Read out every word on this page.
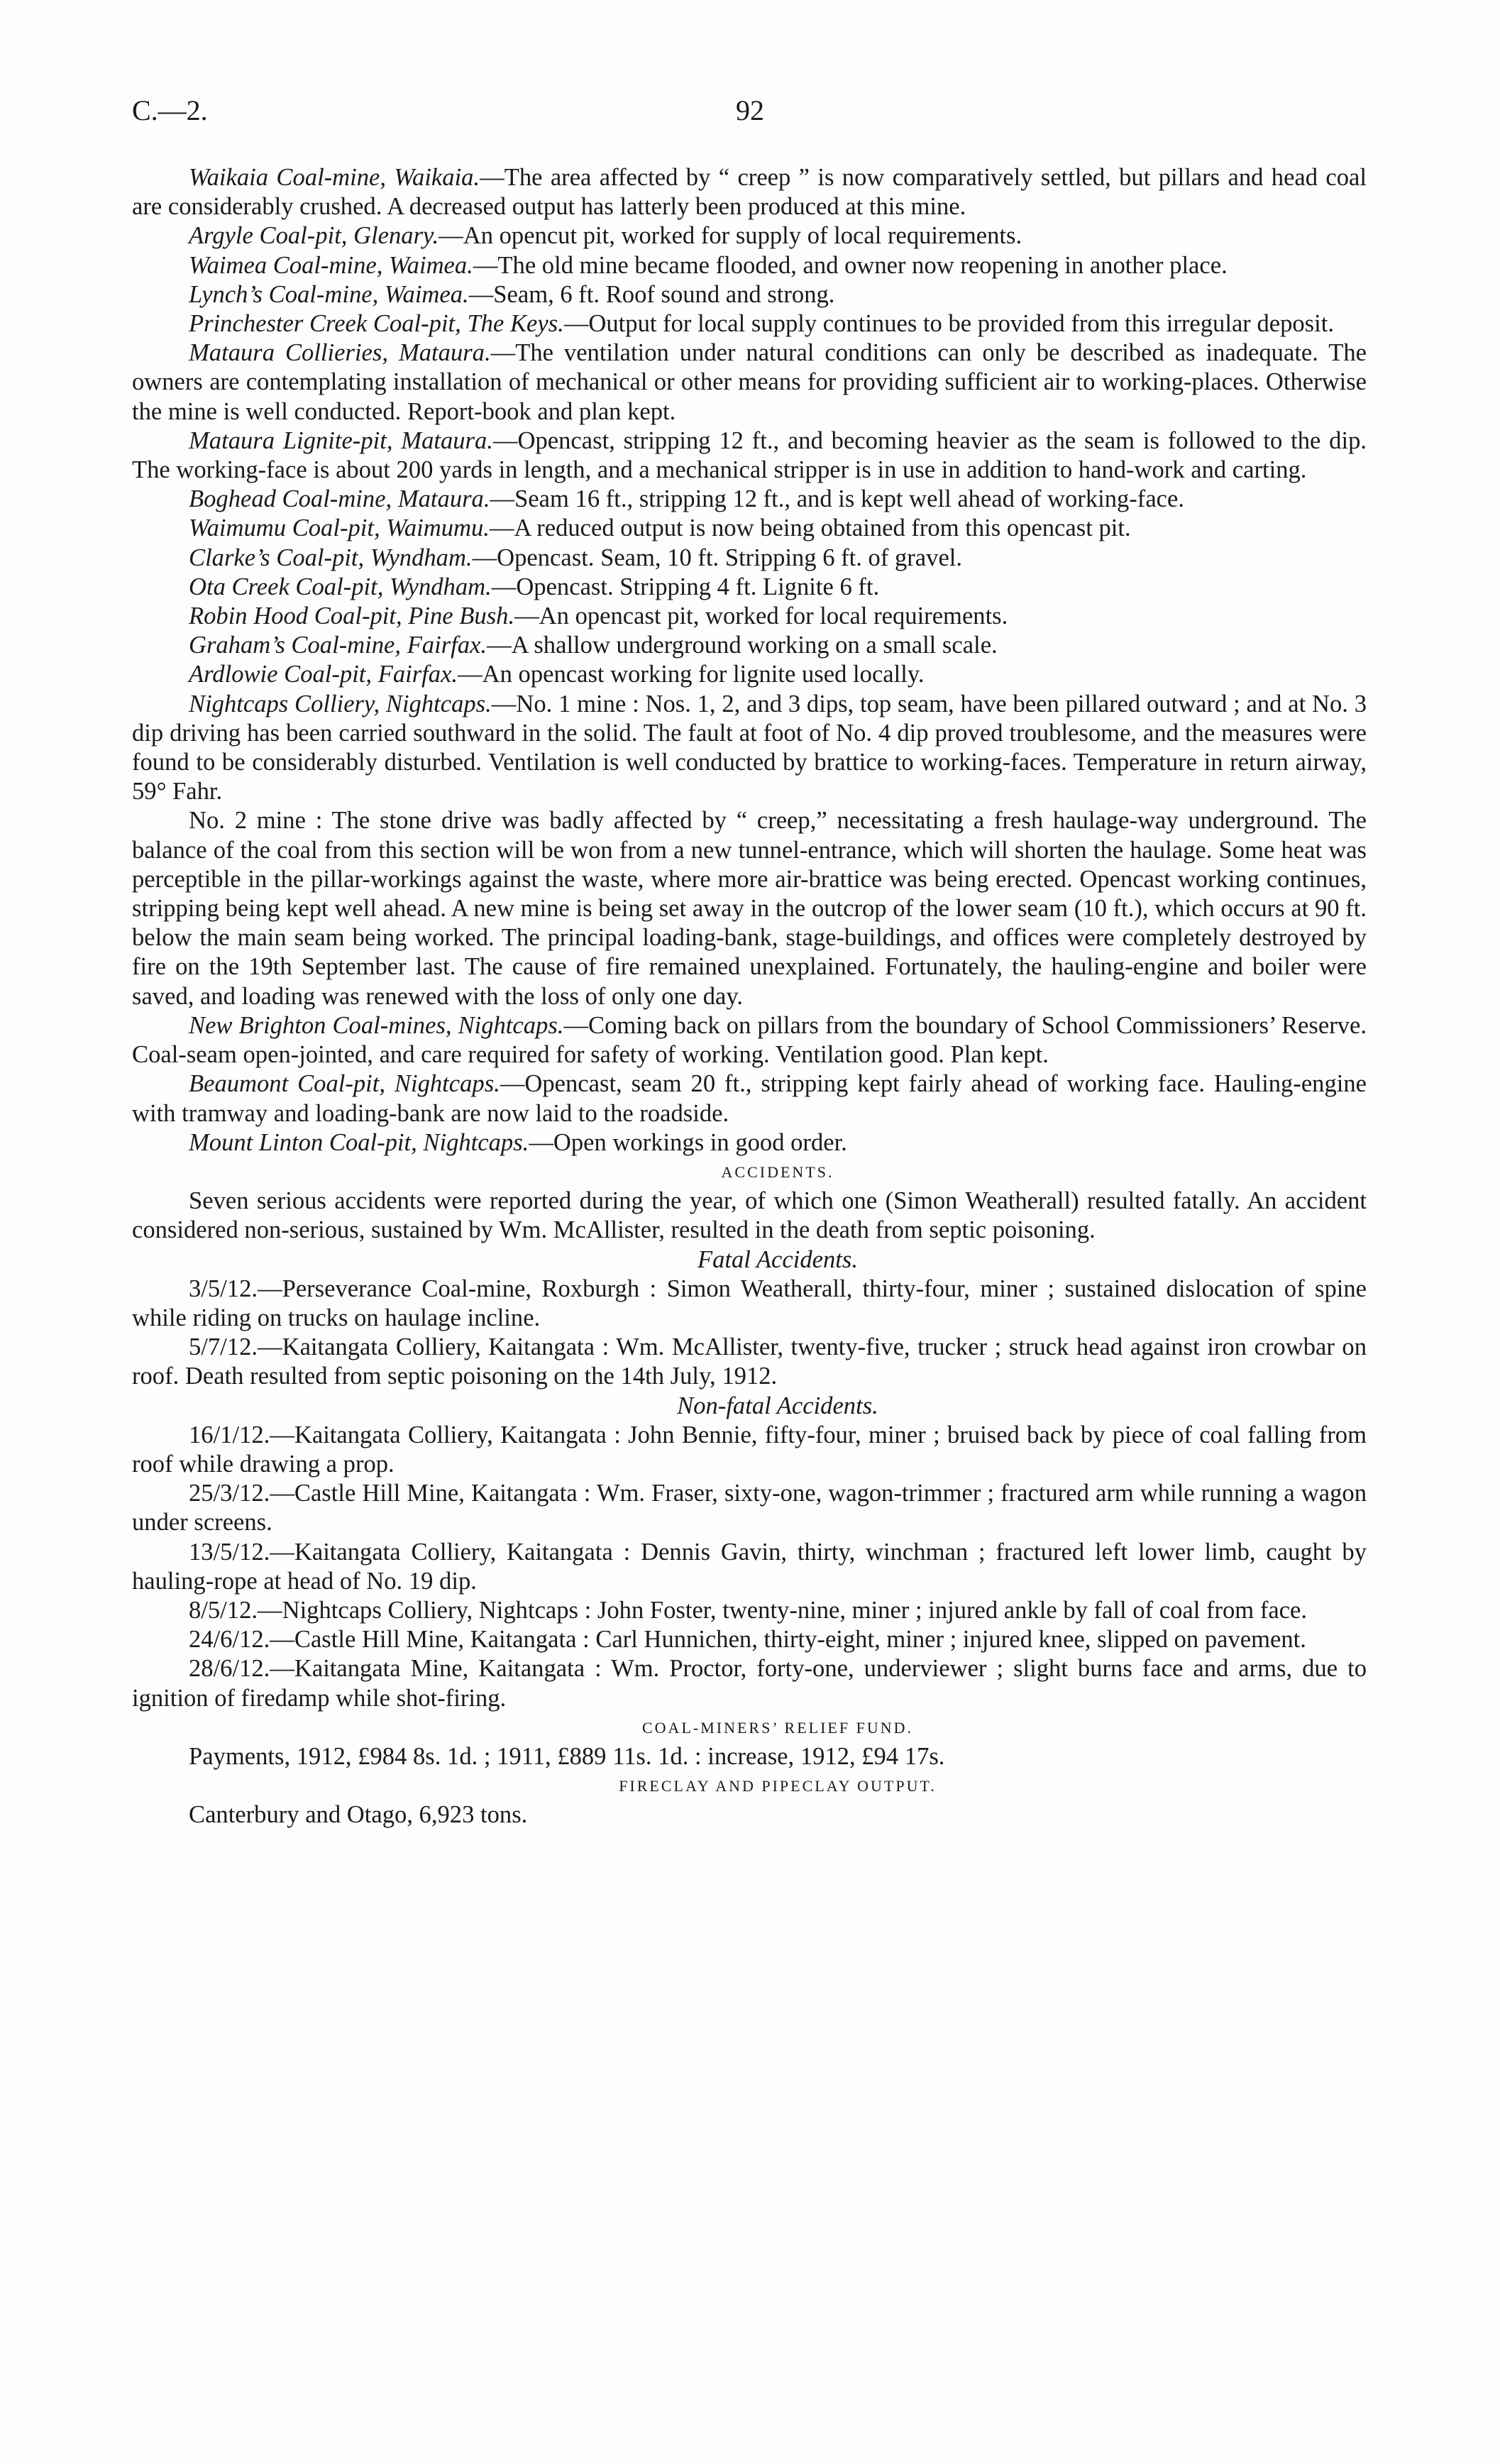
C.—2.	92

Waikaia Coal-mine, Waikaia.—The area affected by “ creep ” is now comparatively settled, but pillars and head coal are considerably crushed. A decreased output has latterly been produced at this mine.

Argyle Coal-pit, Glenary.—An opencut pit, worked for supply of local requirements.

Waimea Coal-mine, Waimea.—The old mine became flooded, and owner now reopening in another place.

Lynch’s Coal-mine, Waimea.—Seam, 6 ft. Roof sound and strong.

Princhester Creek Coal-pit, The Keys.—Output for local supply continues to be provided from this irregular deposit.

Mataura Collieries, Mataura.—The ventilation under natural conditions can only be described as inadequate. The owners are contemplating installation of mechanical or other means for providing sufficient air to working-places. Otherwise the mine is well conducted. Report-book and plan kept.

Mataura Lignite-pit, Mataura.—Opencast, stripping 12 ft., and becoming heavier as the seam is followed to the dip. The working-face is about 200 yards in length, and a mechanical stripper is in use in addition to hand-work and carting.

Boghead Coal-mine, Mataura.—Seam 16 ft., stripping 12 ft., and is kept well ahead of working-face.

Waimumu Coal-pit, Waimumu.—A reduced output is now being obtained from this opencast pit.

Clarke’s Coal-pit, Wyndham.—Opencast. Seam, 10 ft. Stripping 6 ft. of gravel.

Ota Creek Coal-pit, Wyndham.—Opencast. Stripping 4 ft. Lignite 6 ft.

Robin Hood Coal-pit, Pine Bush.—An opencast pit, worked for local requirements.

Graham’s Coal-mine, Fairfax.—A shallow underground working on a small scale.

Ardlowie Coal-pit, Fairfax.—An opencast working for lignite used locally.

Nightcaps Colliery, Nightcaps.—No. 1 mine : Nos. 1, 2, and 3 dips, top seam, have been pillared outward ; and at No. 3 dip driving has been carried southward in the solid. The fault at foot of No. 4 dip proved troublesome, and the measures were found to be considerably disturbed. Ventilation is well conducted by brattice to working-faces. Temperature in return airway, 59° Fahr.

No. 2 mine : The stone drive was badly affected by “ creep,” necessitating a fresh haulage-way underground. The balance of the coal from this section will be won from a new tunnel-entrance, which will shorten the haulage. Some heat was perceptible in the pillar-workings against the waste, where more air-brattice was being erected. Opencast working continues, stripping being kept well ahead. A new mine is being set away in the outcrop of the lower seam (10 ft.), which occurs at 90 ft. below the main seam being worked. The principal loading-bank, stage-buildings, and offices were completely destroyed by fire on the 19th September last. The cause of fire remained unexplained. Fortunately, the hauling-engine and boiler were saved, and loading was renewed with the loss of only one day.

New Brighton Coal-mines, Nightcaps.—Coming back on pillars from the boundary of School Commissioners’ Reserve. Coal-seam open-jointed, and care required for safety of working. Ventilation good. Plan kept.

Beaumont Coal-pit, Nightcaps.—Opencast, seam 20 ft., stripping kept fairly ahead of working face. Hauling-engine with tramway and loading-bank are now laid to the roadside.

Mount Linton Coal-pit, Nightcaps.—Open workings in good order.

ACCIDENTS.

Seven serious accidents were reported during the year, of which one (Simon Weatherall) resulted fatally. An accident considered non-serious, sustained by Wm. McAllister, resulted in the death from septic poisoning.

Fatal Accidents.

3/5/12.—Perseverance Coal-mine, Roxburgh : Simon Weatherall, thirty-four, miner ; sustained dislocation of spine while riding on trucks on haulage incline.

5/7/12.—Kaitangata Colliery, Kaitangata : Wm. McAllister, twenty-five, trucker ; struck head against iron crowbar on roof. Death resulted from septic poisoning on the 14th July, 1912.

Non-fatal Accidents.

16/1/12.—Kaitangata Colliery, Kaitangata : John Bennie, fifty-four, miner ; bruised back by piece of coal falling from roof while drawing a prop.

25/3/12.—Castle Hill Mine, Kaitangata : Wm. Fraser, sixty-one, wagon-trimmer ; fractured arm while running a wagon under screens.

13/5/12.—Kaitangata Colliery, Kaitangata : Dennis Gavin, thirty, winchman ; fractured left lower limb, caught by hauling-rope at head of No. 19 dip.

8/5/12.—Nightcaps Colliery, Nightcaps : John Foster, twenty-nine, miner ; injured ankle by fall of coal from face.

24/6/12.—Castle Hill Mine, Kaitangata : Carl Hunnichen, thirty-eight, miner ; injured knee, slipped on pavement.

28/6/12.—Kaitangata Mine, Kaitangata : Wm. Proctor, forty-one, underviewer ; slight burns face and arms, due to ignition of firedamp while shot-firing.

COAL-MINERS’ RELIEF FUND.

Payments, 1912, £984 8s. 1d. ; 1911, £889 11s. 1d. : increase, 1912, £94 17s.

FIRECLAY AND PIPECLAY OUTPUT.

Canterbury and Otago, 6,923 tons.
